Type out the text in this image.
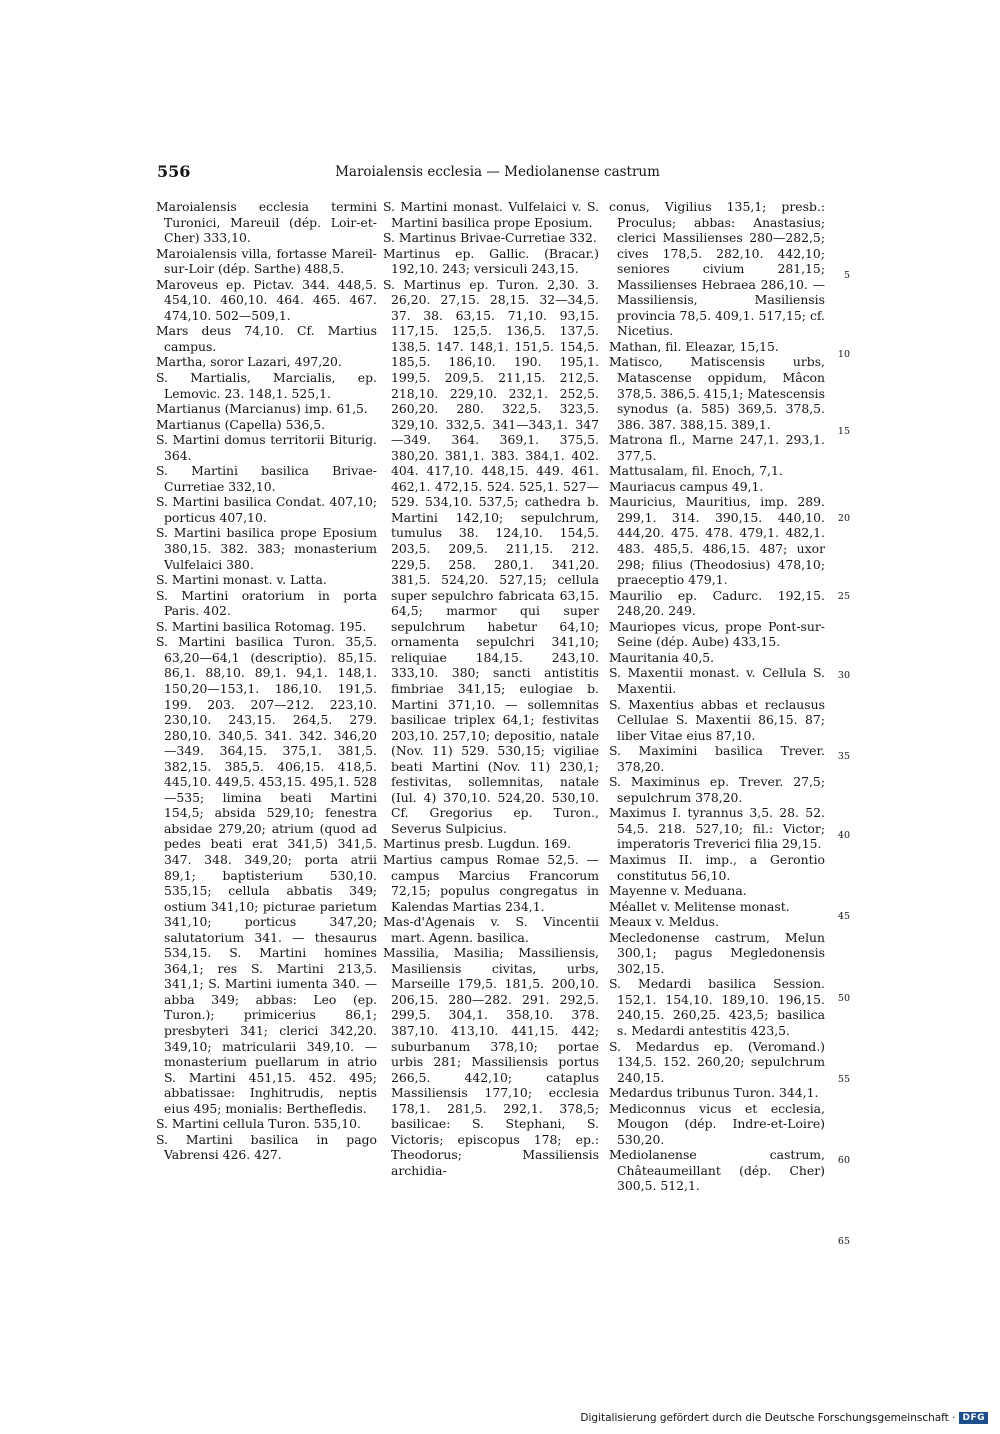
556	Maroialensis ecclesia — Mediolanense castrum

Maroialensis ecclesia termini Turonici, Mareuil (dép. Loir-et-Cher) 333,10.

Maroialensis villa, fortasse Mareil-sur-Loir (dép. Sarthe) 488,5.

Maroveus ep. Pictav. 344. 448,5. 454,10. 460,10. 464. 465. 467. 474,10. 502—509,1.

Mars deus 74,10. Cf. Martius campus.

Martha, soror Lazari, 497,20.

S. Martialis, Marcialis, ep. Lemovic. 23. 148,1. 525,1.

Martianus (Marcianus) imp. 61,5.

Martianus (Capella) 536,5.

S. Martini domus territorii Biturig. 364.

S. Martini basilica Brivae-Curretiae 332,10.

S. Martini basilica Condat. 407,10; porticus 407,10.

S. Martini basilica prope Eposium 380,15. 382. 383; monasterium Vulfelaici 380.

S. Martini monast. v. Latta.

S. Martini oratorium in porta Paris. 402.

S. Martini basilica Rotomag. 195.

S. Martini basilica Turon. 35,5. 63,20—64,1 (descriptio). 85,15. 86,1. 88,10. 89,1. 94,1. 148,1. 150,20—153,1. 186,10. 191,5. 199. 203. 207—212. 223,10. 230,10. 243,15. 264,5. 279. 280,10. 340,5. 341. 342. 346,20—349. 364,15. 375,1. 381,5. 382,15. 385,5. 406,15. 418,5. 445,10. 449,5. 453,15. 495,1. 528—535; limina beati Martini 154,5; absida 529,10; fenestra absidae 279,20; atrium (quod ad pedes beati erat 341,5) 341,5. 347. 348. 349,20; porta atrii 89,1; baptisterium 530,10. 535,15; cellula abbatis 349; ostium 341,10; picturae parietum 341,10; porticus 347,20; salutatorium 341. — thesaurus 534,15. S. Martini homines 364,1; res S. Martini 213,5. 341,1; S. Martini iumenta 340. — abba 349; abbas: Leo (ep. Turon.); primicerius 86,1; presbyteri 341; clerici 342,20. 349,10; matricularii 349,10. — monasterium puellarum in atrio S. Martini 451,15. 452. 495; abbatissae: Inghitrudis, neptis eius 495; monialis: Berthefledis.

S. Martini cellula Turon. 535,10.

S. Martini basilica in pago Vabrensi 426. 427.

S. Martini monast. Vulfelaici v. S. Martini basilica prope Eposium.

S. Martinus Brivae-Curretiae 332.

Martinus ep. Gallic. (Bracar.) 192,10. 243; versiculi 243,15.

S. Martinus ep. Turon. 2,30. 3. 26,20. 27,15. 28,15. 32—34,5. 37. 38. 63,15. 71,10. 93,15. 117,15. 125,5. 136,5. 137,5. 138,5. 147. 148,1. 151,5. 154,5. 185,5. 186,10. 190. 195,1. 199,5. 209,5. 211,15. 212,5. 218,10. 229,10. 232,1. 252,5. 260,20. 280. 322,5. 323,5. 329,10. 332,5. 341—343,1. 347—349. 364. 369,1. 375,5. 380,20. 381,1. 383. 384,1. 402. 404. 417,10. 448,15. 449. 461. 462,1. 472,15. 524. 525,1. 527—529. 534,10. 537,5; cathedra b. Martini 142,10; sepulchrum, tumulus 38. 124,10. 154,5. 203,5. 209,5. 211,15. 212. 229,5. 258. 280,1. 341,20. 381,5. 524,20. 527,15; cellula super sepulchro fabricata 63,15. 64,5; marmor qui super sepulchrum habetur 64,10; ornamenta sepulchri 341,10; reliquiae 184,15. 243,10. 333,10. 380; sancti antistitis fimbriae 341,15; eulogiae b. Martini 371,10. — sollemnitas basilicae triplex 64,1; festivitas 203,10. 257,10; depositio, natale (Nov. 11) 529. 530,15; vigiliae beati Martini (Nov. 11) 230,1; festivitas, sollemnitas, natale (Iul. 4) 370,10. 524,20. 530,10. Cf. Gregorius ep. Turon., Severus Sulpicius.

Martinus presb. Lugdun. 169.

Martius campus Romae 52,5. — campus Marcius Francorum 72,15; populus congregatus in Kalendas Martias 234,1.

Mas-d'Agenais v. S. Vincentii mart. Agenn. basilica.

Massilia, Masilia; Massiliensis, Masiliensis civitas, urbs, Marseille 179,5. 181,5. 200,10. 206,15. 280—282. 291. 292,5. 299,5. 304,1. 358,10. 378. 387,10. 413,10. 441,15. 442; suburbanum 378,10; portae urbis 281; Massiliensis portus 266,5. 442,10; cataplus Massiliensis 177,10; ecclesia 178,1. 281,5. 292,1. 378,5; basilicae: S. Stephani, S. Victoris; episcopus 178; ep.: Theodorus; Massiliensis archidia-

conus, Vigilius 135,1; presb.: Proculus; abbas: Anastasius; clerici Massilienses 280—282,5; cives 178,5. 282,10. 442,10; seniores civium 281,15; Massilienses Hebraea 286,10. — Massiliensis, Masiliensis provincia 78,5. 409,1. 517,15; cf. Nicetius.

Mathan, fil. Eleazar, 15,15.

Matisco, Matiscensis urbs, Matascense oppidum, Mâcon 378,5. 386,5. 415,1; Matescensis synodus (a. 585) 369,5. 378,5. 386. 387. 388,15. 389,1.

Matrona fl., Marne 247,1. 293,1. 377,5.

Mattusalam, fil. Enoch, 7,1.

Mauriacus campus 49,1.

Mauricius, Mauritius, imp. 289. 299,1. 314. 390,15. 440,10. 444,20. 475. 478. 479,1. 482,1. 483. 485,5. 486,15. 487; uxor 298; filius (Theodosius) 478,10; praeceptio 479,1.

Maurilio ep. Cadurc. 192,15. 248,20. 249.

Mauriopes vicus, prope Pont-sur-Seine (dép. Aube) 433,15.

Mauritania 40,5.

S. Maxentii monast. v. Cellula S. Maxentii.

S. Maxentius abbas et reclausus Cellulae S. Maxentii 86,15. 87; liber Vitae eius 87,10.

S. Maximini basilica Trever. 378,20.

S. Maximinus ep. Trever. 27,5; sepulchrum 378,20.

Maximus I. tyrannus 3,5. 28. 52. 54,5. 218. 527,10; fil.: Victor; imperatoris Treverici filia 29,15.

Maximus II. imp., a Gerontio constitutus 56,10.

Mayenne v. Meduana.

Méallet v. Melitense monast.

Meaux v. Meldus.

Mecledonense castrum, Melun 300,1; pagus Megledonensis 302,15.

S. Medardi basilica Session. 152,1. 154,10. 189,10. 196,15. 240,15. 260,25. 423,5; basilica s. Medardi antestitis 423,5.

S. Medardus ep. (Veromand.) 134,5. 152. 260,20; sepulchrum 240,15.

Medardus tribunus Turon. 344,1.

Mediconnus vicus et ecclesia, Mougon (dép. Indre-et-Loire) 530,20.

Mediolanense castrum, Châteaumeillant (dép. Cher) 300,5. 512,1.

5
10
15
20
25
30
35
40
45
50
55
60
65
Digitalisierung gefördert durch die Deutsche Forschungsgemeinschaft · DFG
